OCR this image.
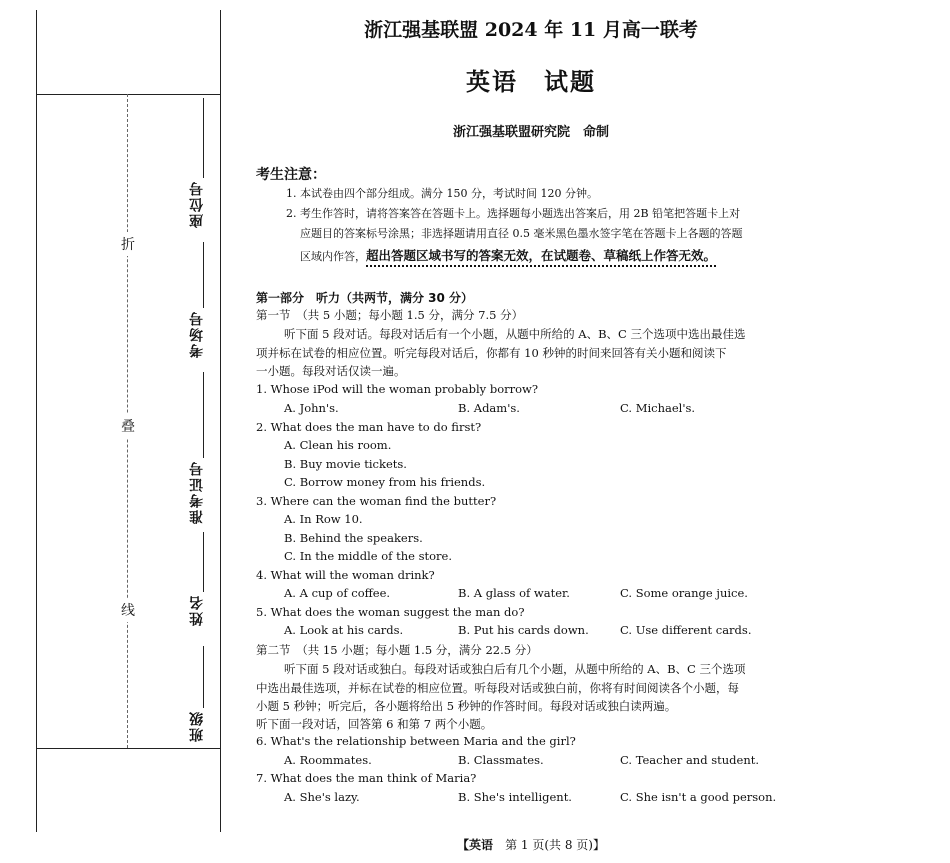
折
叠
线
座位号
考场号
准考证号
姓名
班级
浙江强基联盟 2024 年 11 月高一联考
英语　试题
浙江强基联盟研究院　命制
考生注意：
1. 本试卷由四个部分组成。满分 150 分，考试时间 120 分钟。
2. 考生作答时，请将答案答在答题卡上。选择题每小题选出答案后，用 2B 铅笔把答题卡上对
应题目的答案标号涂黑；非选择题请用直径 0.5 毫米黑色墨水签字笔在答题卡上各题的答题
区域内作答，超出答题区域书写的答案无效，在试题卷、草稿纸上作答无效。
第一部分　听力（共两节，满分 30 分）
第一节　（共 5 小题；每小题 1.5 分，满分 7.5 分）
听下面 5 段对话。每段对话后有一个小题，从题中所给的 A、B、C 三个选项中选出最佳选
项并标在试卷的相应位置。听完每段对话后，你都有 10 秒钟的时间来回答有关小题和阅读下
一小题。每段对话仅读一遍。
1. Whose iPod will the woman probably borrow?
A. John's.	B. Adam's.	C. Michael's.
2. What does the man have to do first?
A. Clean his room.
B. Buy movie tickets.
C. Borrow money from his friends.
3. Where can the woman find the butter?
A. In Row 10.
B. Behind the speakers.
C. In the middle of the store.
4. What will the woman drink?
A. A cup of coffee.	B. A glass of water.	C. Some orange juice.
5. What does the woman suggest the man do?
A. Look at his cards.	B. Put his cards down.	C. Use different cards.
第二节　（共 15 小题；每小题 1.5 分，满分 22.5 分）
听下面 5 段对话或独白。每段对话或独白后有几个小题，从题中所给的 A、B、C 三个选项
中选出最佳选项，并标在试卷的相应位置。听每段对话或独白前，你将有时间阅读各个小题，每
小题 5 秒钟；听完后，各小题将给出 5 秒钟的作答时间。每段对话或独白读两遍。
听下面一段对话，回答第 6 和第 7 两个小题。
6. What's the relationship between Maria and the girl?
A. Roommates.	B. Classmates.	C. Teacher and student.
7. What does the man think of Maria?
A. She's lazy.	B. She's intelligent.	C. She isn't a good person.
【英语　 第 1 页(共 8 页)】
